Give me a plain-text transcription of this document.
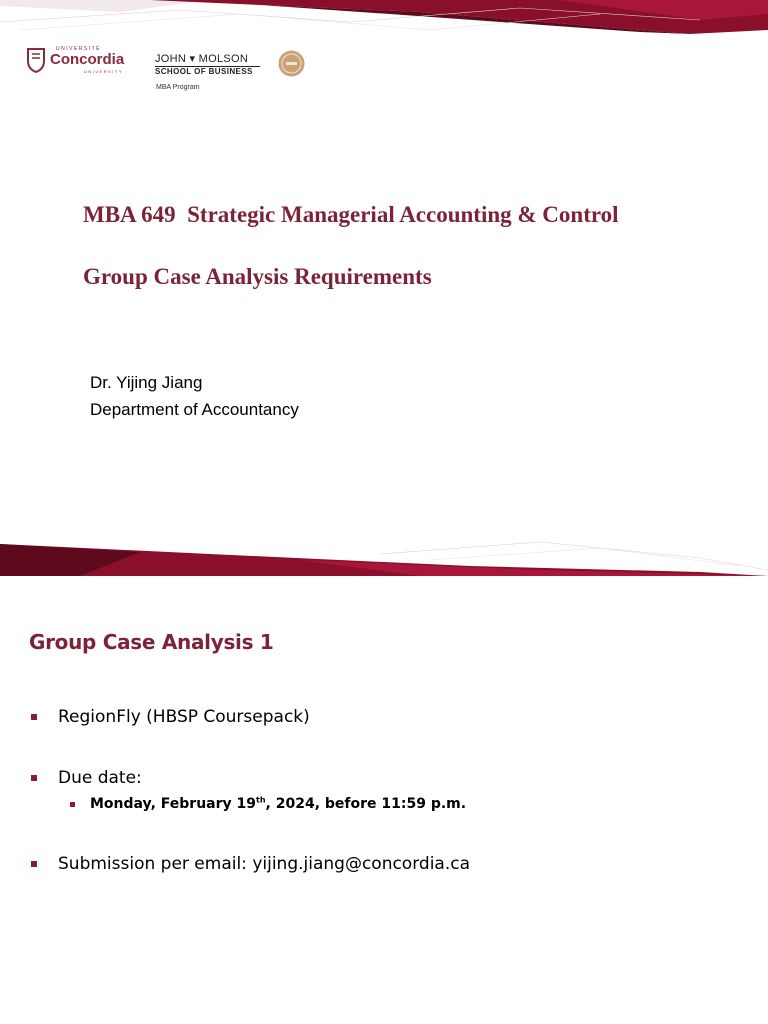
UNIVERSITÉ
Concordia
UNIVERSITY
JOHN ▾ MOLSON
SCHOOL OF BUSINESS
MBA Program
MBA 649  Strategic Managerial Accounting & Control
Group Case Analysis Requirements
Dr. Yijing Jiang
Department of Accountancy
Group Case Analysis 1
RegionFly (HBSP Coursepack)
Due date:
Monday, February 19th, 2024, before 11:59 p.m.
Submission per email: yijing.jiang@concordia.ca
